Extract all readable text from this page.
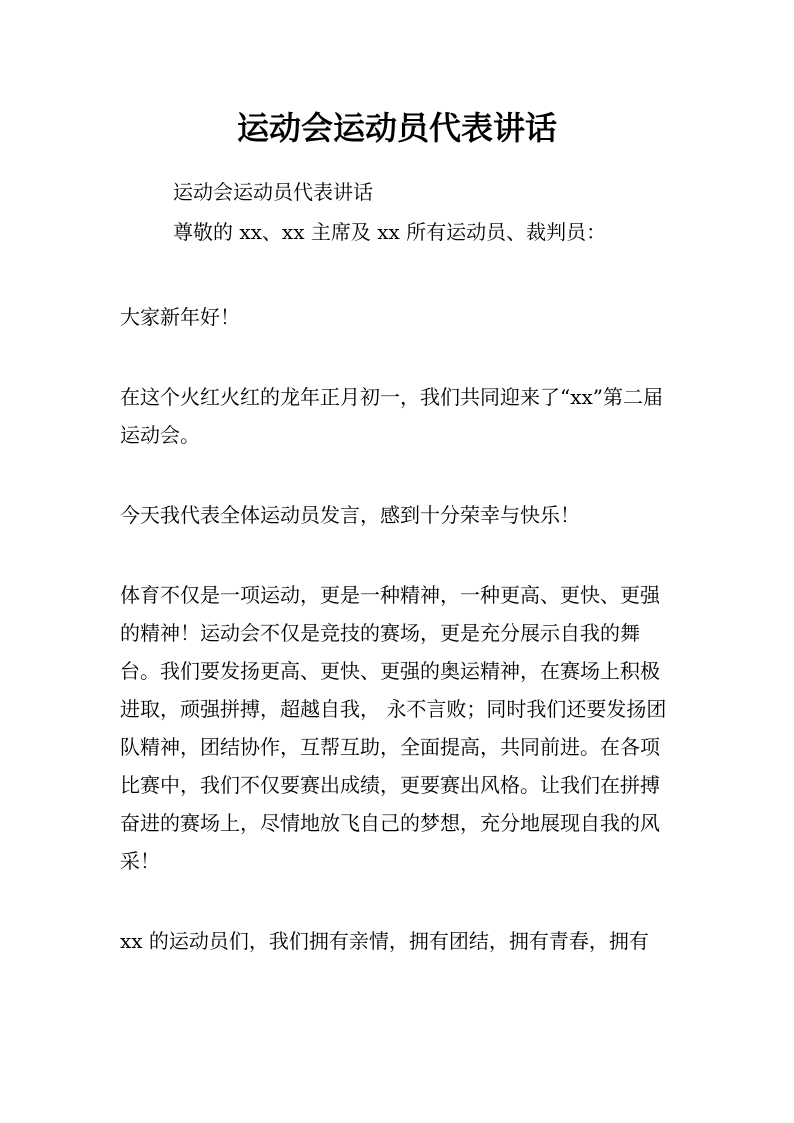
运动会运动员代表讲话

运动会运动员代表讲话

尊敬的 xx、xx 主席及 xx 所有运动员、裁判员：

大家新年好！

在这个火红火红的龙年正月初一，我们共同迎来了“xx”第二届运动会。

今天我代表全体运动员发言，感到十分荣幸与快乐！

体育不仅是一项运动，更是一种精神，一种更高、更快、更强的精神！运动会不仅是竞技的赛场，更是充分展示自我的舞台。我们要发扬更高、更快、更强的奥运精神，在赛场上积极进取，顽强拼搏，超越自我， 永不言败；同时我们还要发扬团队精神，团结协作，互帮互助，全面提高，共同前进。在各项比赛中，我们不仅要赛出成绩，更要赛出风格。让我们在拼搏奋进的赛场上，尽情地放飞自己的梦想，充分地展现自我的风采！

xx 的运动员们，我们拥有亲情，拥有团结，拥有青春，拥有
